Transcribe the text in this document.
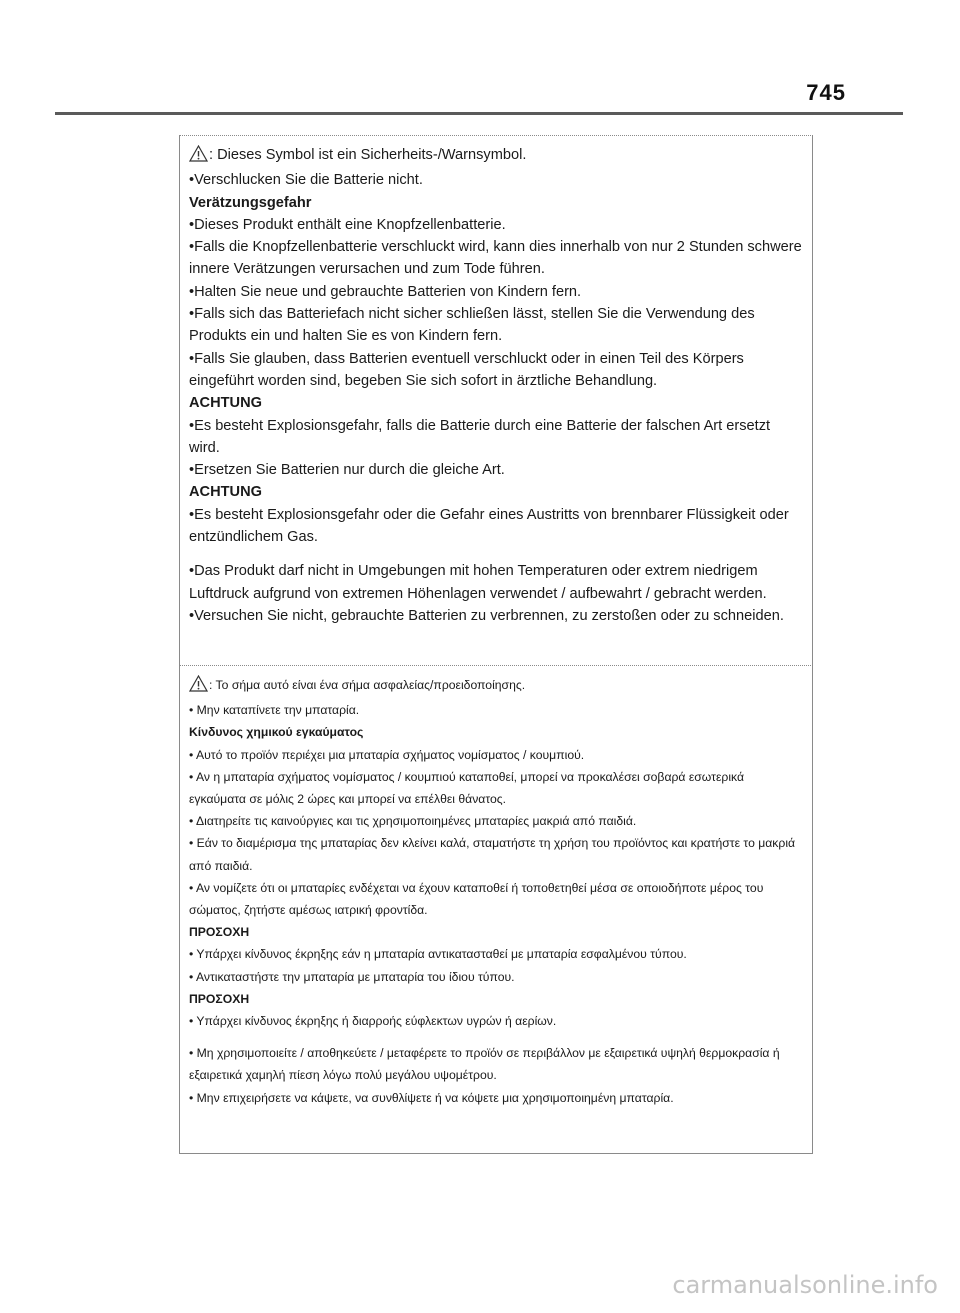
745

: Dieses Symbol ist ein Sicherheits-/Warnsymbol.

•Verschlucken Sie die Batterie nicht.

Verätzungsgefahr

•Dieses Produkt enthält eine Knopfzellenbatterie.

•Falls die Knopfzellenbatterie verschluckt wird, kann dies innerhalb von nur 2 Stunden schwere innere Verätzungen verursachen und zum Tode führen.

•Halten Sie neue und gebrauchte Batterien von Kindern fern.

•Falls sich das Batteriefach nicht sicher schließen lässt, stellen Sie die Verwendung des Produkts ein und halten Sie es von Kindern fern.

•Falls Sie glauben, dass Batterien eventuell verschluckt oder in einen Teil des Körpers eingeführt worden sind, begeben Sie sich sofort in ärztliche Behandlung.

ACHTUNG

•Es besteht Explosionsgefahr, falls die Batterie durch eine Batterie der falschen Art ersetzt wird.

•Ersetzen Sie Batterien nur durch die gleiche Art.

ACHTUNG

•Es besteht Explosionsgefahr oder die Gefahr eines Austritts von brennbarer Flüssigkeit oder entzündlichem Gas.

•Das Produkt darf nicht in Umgebungen mit hohen Temperaturen oder extrem niedrigem Luftdruck aufgrund von extremen Höhenlagen verwendet / aufbewahrt / gebracht werden.

•Versuchen Sie nicht, gebrauchte Batterien zu verbrennen, zu zerstoßen oder zu schneiden.

: Το σήμα αυτό είναι ένα σήμα ασφαλείας/προειδοποίησης.

• Μην καταπίνετε την μπαταρία.

Κίνδυνος χημικού εγκαύματος

• Αυτό το προϊόν περιέχει μια μπαταρία σχήματος νομίσματος / κουμπιού.

• Αν η μπαταρία σχήματος νομίσματος / κουμπιού καταποθεί, μπορεί να προκαλέσει σοβαρά εσωτερικά εγκαύματα σε μόλις 2 ώρες και μπορεί να επέλθει θάνατος.

• Διατηρείτε τις καινούργιες και τις χρησιμοποιημένες μπαταρίες μακριά από παιδιά.

• Εάν το διαμέρισμα της μπαταρίας δεν κλείνει καλά, σταματήστε τη χρήση του προϊόντος και κρατήστε το μακριά από παιδιά.

• Αν νομίζετε ότι οι μπαταρίες ενδέχεται να έχουν καταποθεί ή τοποθετηθεί μέσα σε οποιοδήποτε μέρος του σώματος, ζητήστε αμέσως ιατρική φροντίδα.

ΠΡΟΣΟΧΗ

• Υπάρχει κίνδυνος έκρηξης εάν η μπαταρία αντικατασταθεί με μπαταρία εσφαλμένου τύπου.

• Αντικαταστήστε την μπαταρία με μπαταρία του ίδιου τύπου.

ΠΡΟΣΟΧΗ

• Υπάρχει κίνδυνος έκρηξης ή διαρροής εύφλεκτων υγρών ή αερίων.

• Μη χρησιμοποιείτε / αποθηκεύετε / μεταφέρετε το προϊόν σε περιβάλλον με εξαιρετικά υψηλή θερμοκρασία ή εξαιρετικά χαμηλή πίεση λόγω πολύ μεγάλου υψομέτρου.

• Μην επιχειρήσετε να κάψετε, να συνθλίψετε ή να κόψετε μια χρησιμοποιημένη μπαταρία.

carmanualsonline.info
